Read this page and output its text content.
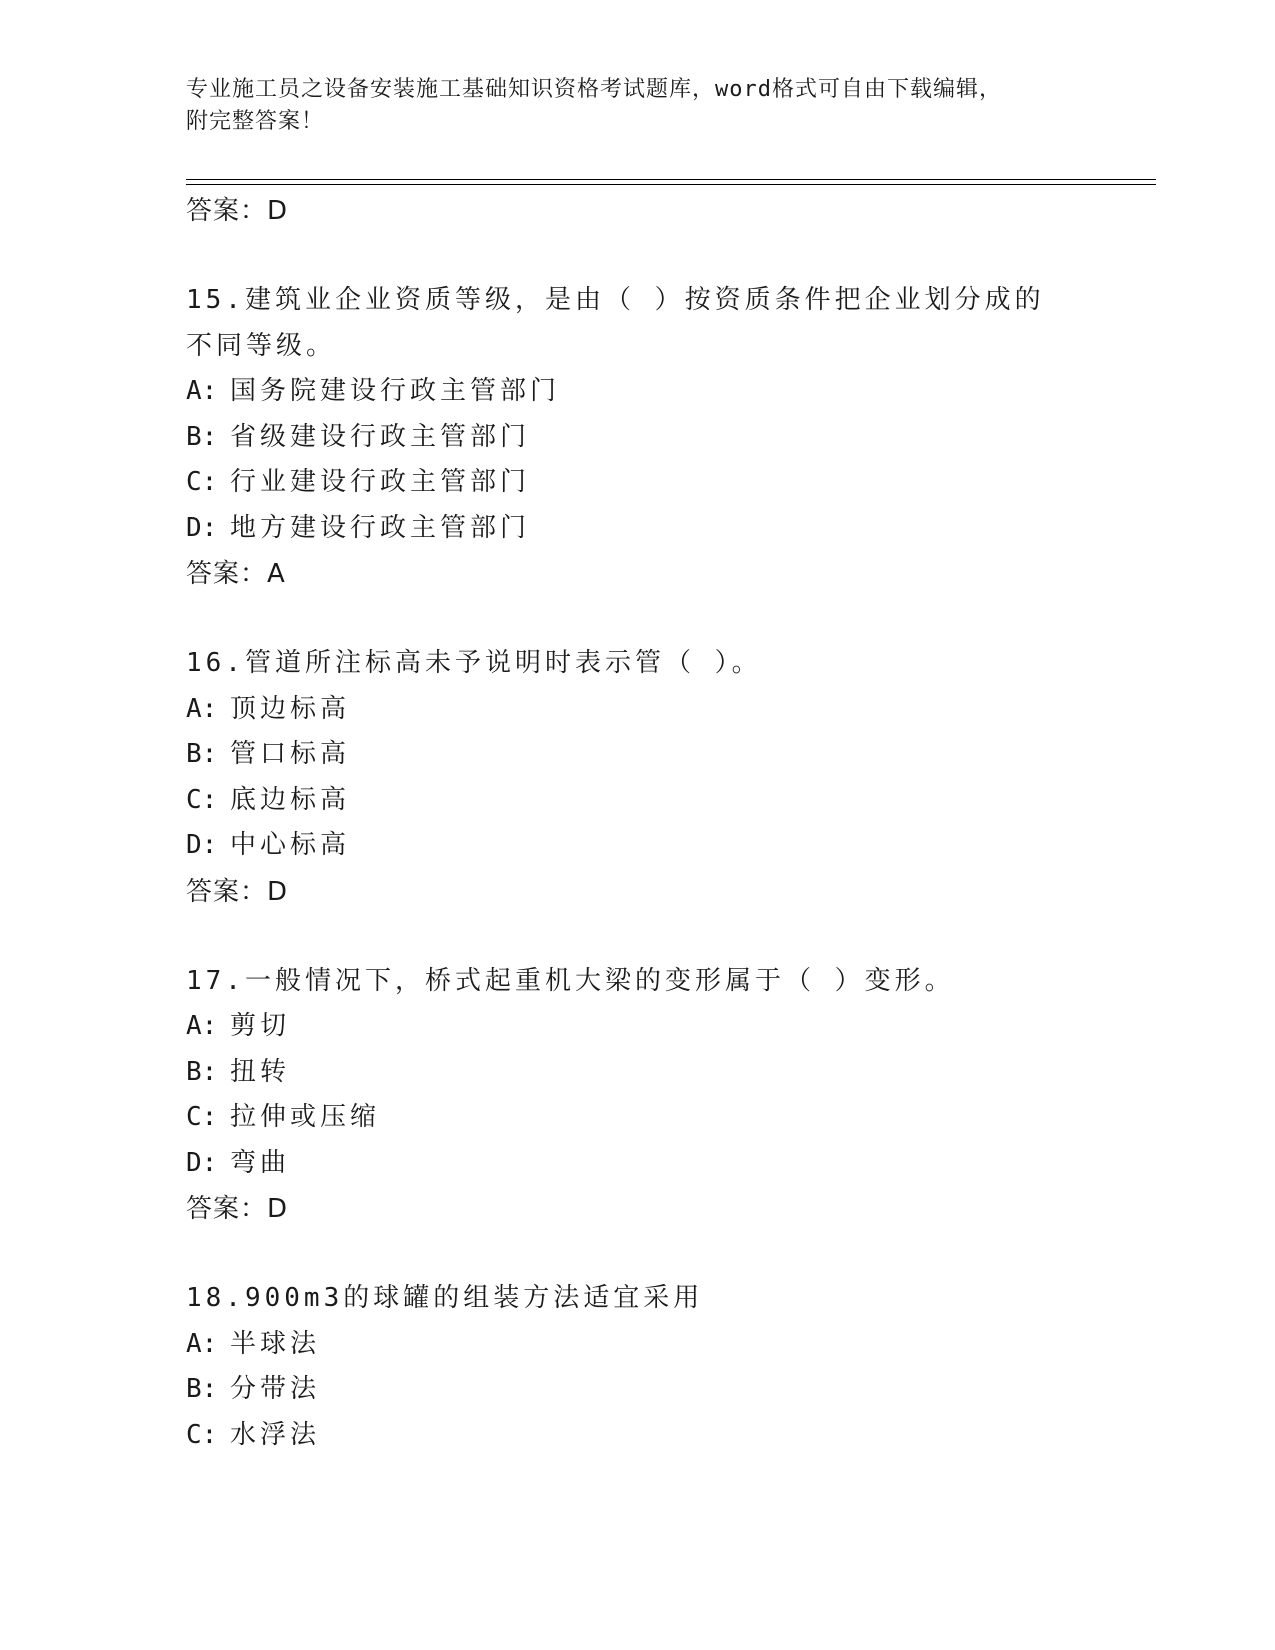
专业施工员之设备安装施工基础知识资格考试题库，word格式可自由下载编辑，
附完整答案！
答案：D
15.建筑业企业资质等级，是由（ ）按资质条件把企业划分成的不同等级。
A: 国务院建设行政主管部门
B: 省级建设行政主管部门
C: 行业建设行政主管部门
D: 地方建设行政主管部门
答案：A
16.管道所注标高未予说明时表示管（ ）。
A: 顶边标高
B: 管口标高
C: 底边标高
D: 中心标高
答案：D
17.一般情况下，桥式起重机大梁的变形属于（ ）变形。
A: 剪切
B: 扭转
C: 拉伸或压缩
D: 弯曲
答案：D
18.900m3的球罐的组装方法适宜采用
A: 半球法
B: 分带法
C: 水浮法
